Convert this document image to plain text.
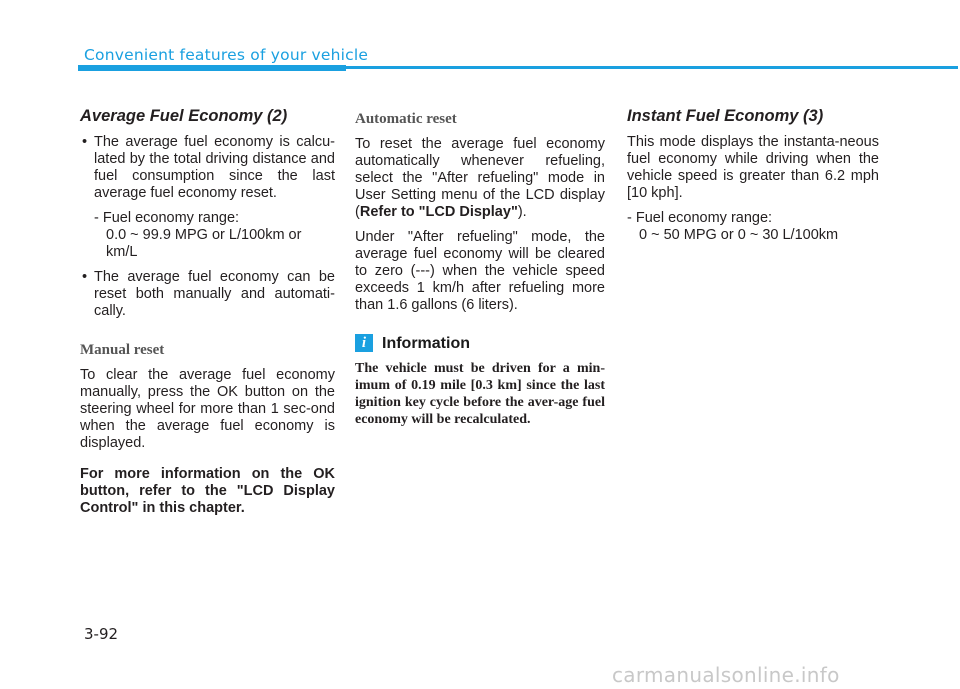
Convenient features of your vehicle
Average Fuel Economy (2)
• The average fuel economy is calcu-lated by the total driving distance and fuel consumption since the last average fuel economy reset.
- Fuel economy range:
0.0 ~ 99.9 MPG or L/100km or km/L
• The average fuel economy can be reset both manually and automati-cally.
Manual reset

To clear the average fuel economy manually, press the OK button on the steering wheel for more than 1 sec-ond when the average fuel economy is displayed.

For more information on the OK button, refer to the "LCD Display Control" in this chapter.

Automatic reset

To reset the average fuel economy automatically whenever refueling, select the "After refueling" mode in User Setting menu of the LCD display (Refer to "LCD Display").

Under "After refueling" mode, the average fuel economy will be cleared to zero (---) when the vehicle speed exceeds 1 km/h after refueling more than 1.6 gallons (6 liters).

i Information
The vehicle must be driven for a min-imum of 0.19 mile [0.3 km] since the last ignition key cycle before the aver-age fuel economy will be recalculated.
Instant Fuel Economy (3)

This mode displays the instanta-neous fuel economy while driving when the vehicle speed is greater than 6.2 mph [10 kph].

- Fuel economy range:
0 ~ 50 MPG or 0 ~ 30 L/100km
3-92
carmanualsonline.info
